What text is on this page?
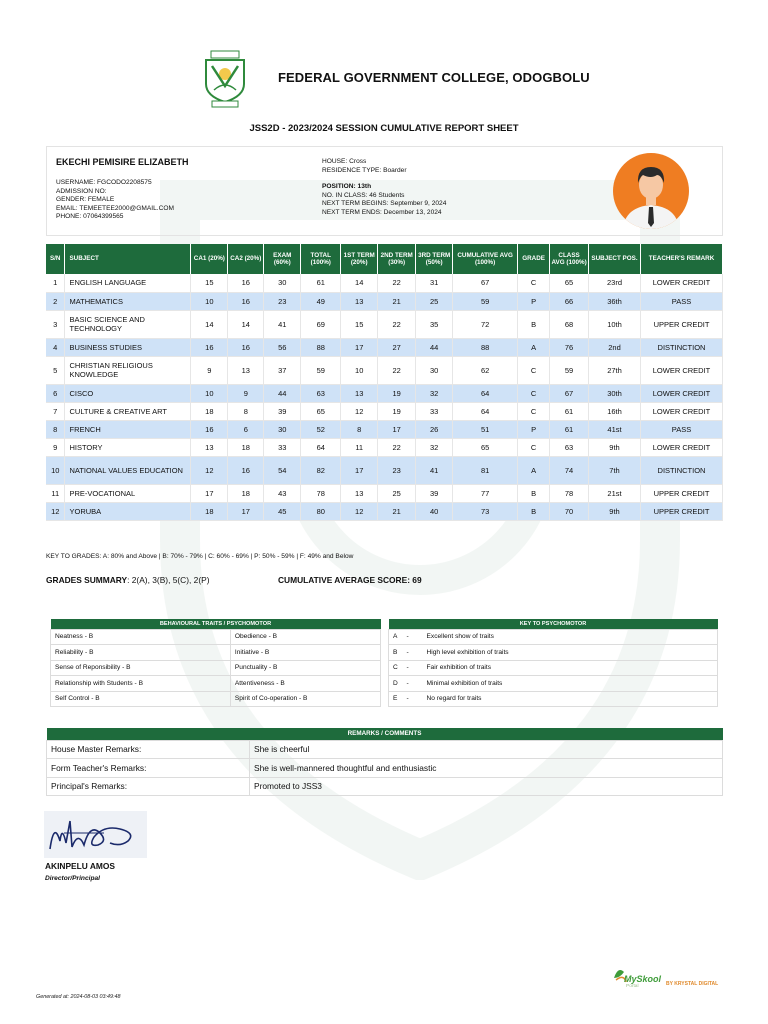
FEDERAL GOVERNMENT COLLEGE, ODOGBOLU
JSS2D - 2023/2024 SESSION CUMULATIVE REPORT SHEET
EKECHI PEMISIRE ELIZABETH
USERNAME: FGCODO2208575
ADMISSION NO:
GENDER: FEMALE
EMAIL: TEMEETEE2000@GMAIL.COM
PHONE: 07064399565
HOUSE: Cross
RESIDENCE TYPE: Boarder
POSITION: 13th
NO. IN CLASS: 46 Students
NEXT TERM BEGINS: September 9, 2024
NEXT TERM ENDS: December 13, 2024
S/N	SUBJECT	CA1 (20%)	CA2 (20%)	EXAM (60%)	TOTAL (100%)	1ST TERM (20%)	2ND TERM (30%)	3RD TERM (50%)	CUMULATIVE AVG (100%)	GRADE	CLASS AVG (100%)	SUBJECT POS.	TEACHER'S REMARK
1	ENGLISH LANGUAGE	15	16	30	61	14	22	31	67	C	65	23rd	LOWER CREDIT
2	MATHEMATICS	10	16	23	49	13	21	25	59	P	66	36th	PASS
3	BASIC SCIENCE AND TECHNOLOGY	14	14	41	69	15	22	35	72	B	68	10th	UPPER CREDIT
4	BUSINESS STUDIES	16	16	56	88	17	27	44	88	A	76	2nd	DISTINCTION
5	CHRISTIAN RELIGIOUS KNOWLEDGE	9	13	37	59	10	22	30	62	C	59	27th	LOWER CREDIT
6	CISCO	10	9	44	63	13	19	32	64	C	67	30th	LOWER CREDIT
7	CULTURE & CREATIVE ART	18	8	39	65	12	19	33	64	C	61	16th	LOWER CREDIT
8	FRENCH	16	6	30	52	8	17	26	51	P	61	41st	PASS
9	HISTORY	13	18	33	64	11	22	32	65	C	63	9th	LOWER CREDIT
10	NATIONAL VALUES EDUCATION	12	16	54	82	17	23	41	81	A	74	7th	DISTINCTION
11	PRE-VOCATIONAL	17	18	43	78	13	25	39	77	B	78	21st	UPPER CREDIT
12	YORUBA	18	17	45	80	12	21	40	73	B	70	9th	UPPER CREDIT
KEY TO GRADES: A: 80% and Above | B: 70% - 79% | C: 60% - 69% | P: 50% - 59% | F: 49% and Below
GRADES SUMMARY: 2(A), 3(B), 5(C), 2(P)	CUMULATIVE AVERAGE SCORE: 69
BEHAVIOURAL TRAITS / PSYCHOMOTOR	
Neatness - B	Obedience - B
Reliability - B	Initiative - B
Sense of Reponsibility - B	Punctuality - B
Relationship with Students - B	Attentiveness - B
Self Control - B	Spirit of Co-operation - B
KEY TO PSYCHOMOTOR		
A	-	Excellent show of traits
B	-	High level exhibition of traits
C	-	Fair exhibition of traits
D	-	Minimal exhibition of traits
E	-	No regard for traits
REMARKS / COMMENTS	
House Master Remarks:	She is cheerful
Form Teacher's Remarks:	She is well-mannered thoughtful and enthusiastic
Principal's Remarks:	Promoted to JSS3
AKINPELU AMOS
Director/Principal
MySkool
Portal	BY KRYSTAL DIGITAL
Generated at: 2024-08-03 03:49:48
